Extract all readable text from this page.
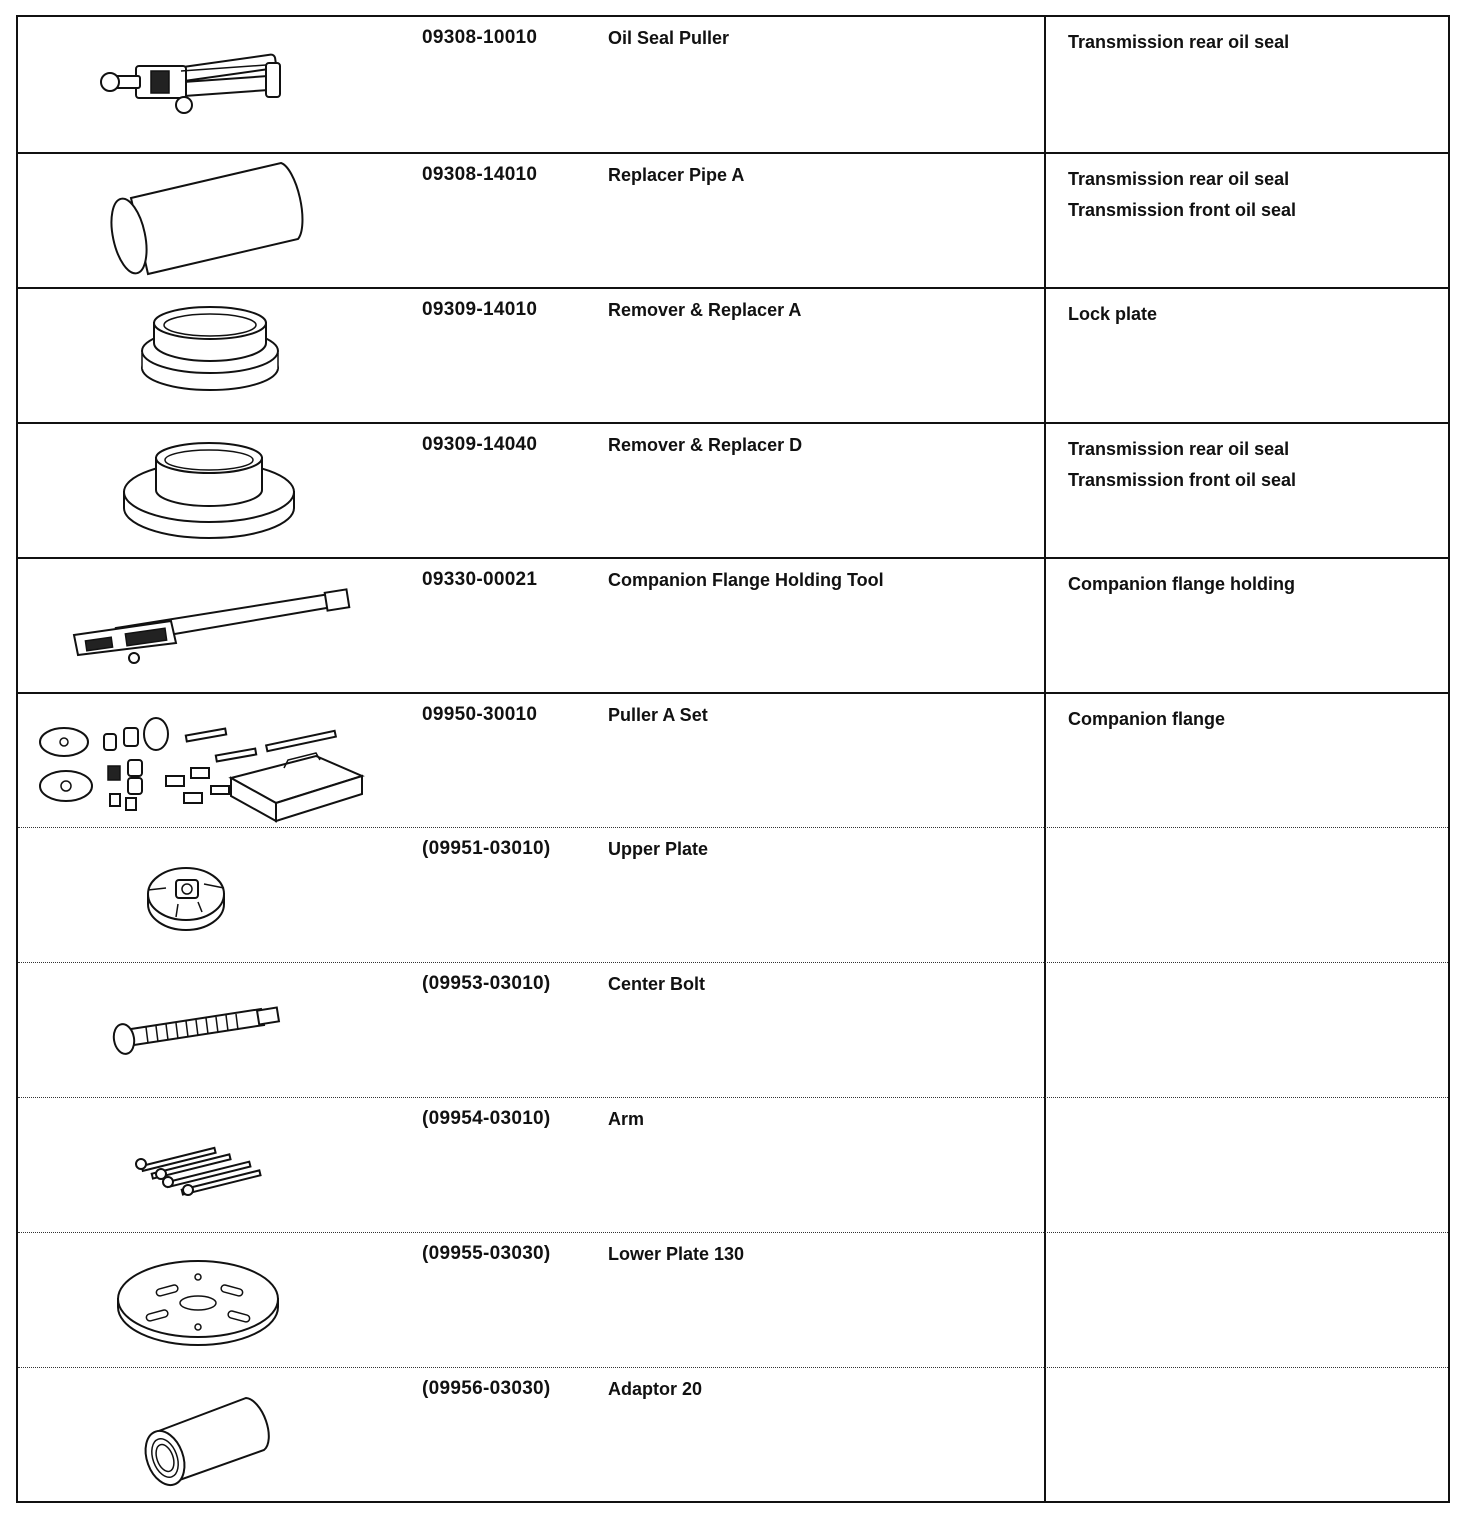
09308-10010	Oil Seal Puller	Transmission rear oil seal
09308-14010	Replacer Pipe A	Transmission rear oil seal
Transmission front oil seal
09309-14010	Remover & Replacer A	Lock plate
09309-14040	Remover & Replacer D	Transmission rear oil seal
Transmission front oil seal
09330-00021	Companion Flange Holding Tool	Companion flange holding
09950-30010	Puller A Set	Companion flange
(09951-03010)	Upper Plate
(09953-03010)	Center Bolt
(09954-03010)	Arm
(09955-03030)	Lower Plate 130
(09956-03030)	Adaptor 20
